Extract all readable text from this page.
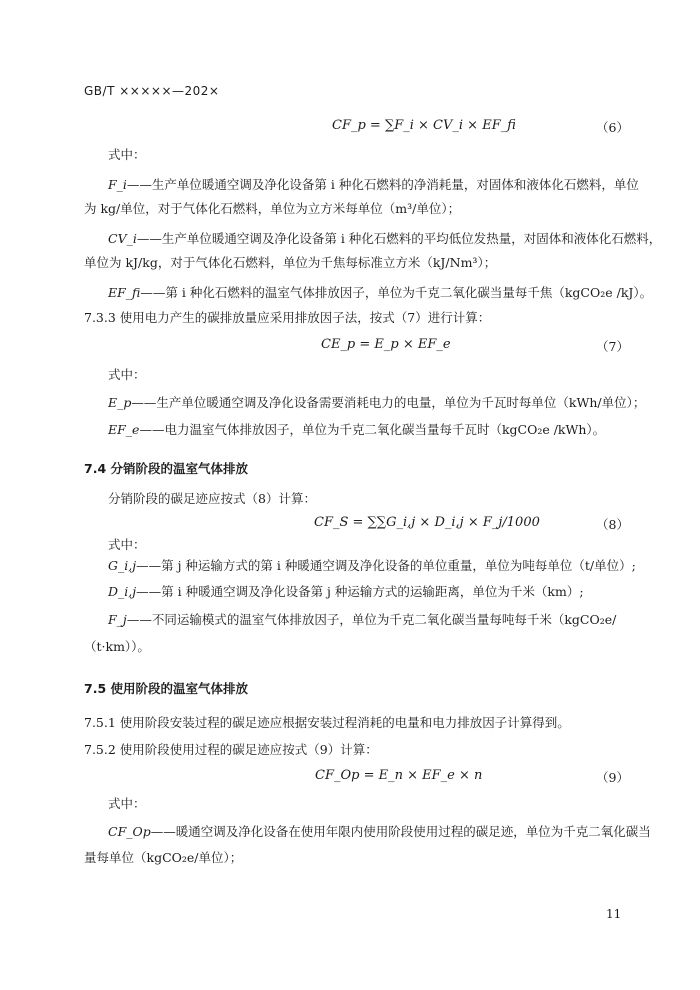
GB/T ×××××—202×
CF_p = ∑F_i × CV_i × EF_fi	（6）
式中：
F_i——生产单位暖通空调及净化设备第 i 种化石燃料的净消耗量，对固体和液体化石燃料，单位
为 kg/单位，对于气体化石燃料，单位为立方米每单位（m³/单位）；
CV_i——生产单位暖通空调及净化设备第 i 种化石燃料的平均低位发热量，对固体和液体化石燃料，
单位为 kJ/kg，对于气体化石燃料，单位为千焦每标准立方米（kJ/Nm³）；
EF_fi——第 i 种化石燃料的温室气体排放因子，单位为千克二氧化碳当量每千焦（kgCO₂e /kJ）。
7.3.3 使用电力产生的碳排放量应采用排放因子法，按式（7）进行计算：
CE_p = E_p × EF_e	（7）
式中：
E_p——生产单位暖通空调及净化设备需要消耗电力的电量，单位为千瓦时每单位（kWh/单位）；
EF_e——电力温室气体排放因子，单位为千克二氧化碳当量每千瓦时（kgCO₂e /kWh）。
7.4 分销阶段的温室气体排放
分销阶段的碳足迹应按式（8）计算：
CF_S = ∑∑G_i,j × D_i,j × F_j/1000	（8）
式中：
G_i,j——第 j 种运输方式的第 i 种暖通空调及净化设备的单位重量，单位为吨每单位（t/单位）;
D_i,j——第 i 种暖通空调及净化设备第 j 种运输方式的运输距离，单位为千米（km）;
F_j——不同运输模式的温室气体排放因子，单位为千克二氧化碳当量每吨每千米（kgCO₂e/
（t·km））。
7.5 使用阶段的温室气体排放
7.5.1 使用阶段安装过程的碳足迹应根据安装过程消耗的电量和电力排放因子计算得到。
7.5.2 使用阶段使用过程的碳足迹应按式（9）计算：
CF_Op = E_n × EF_e × n	（9）
式中：
CF_Op——暖通空调及净化设备在使用年限内使用阶段使用过程的碳足迹，单位为千克二氧化碳当
量每单位（kgCO₂e/单位）；
11
